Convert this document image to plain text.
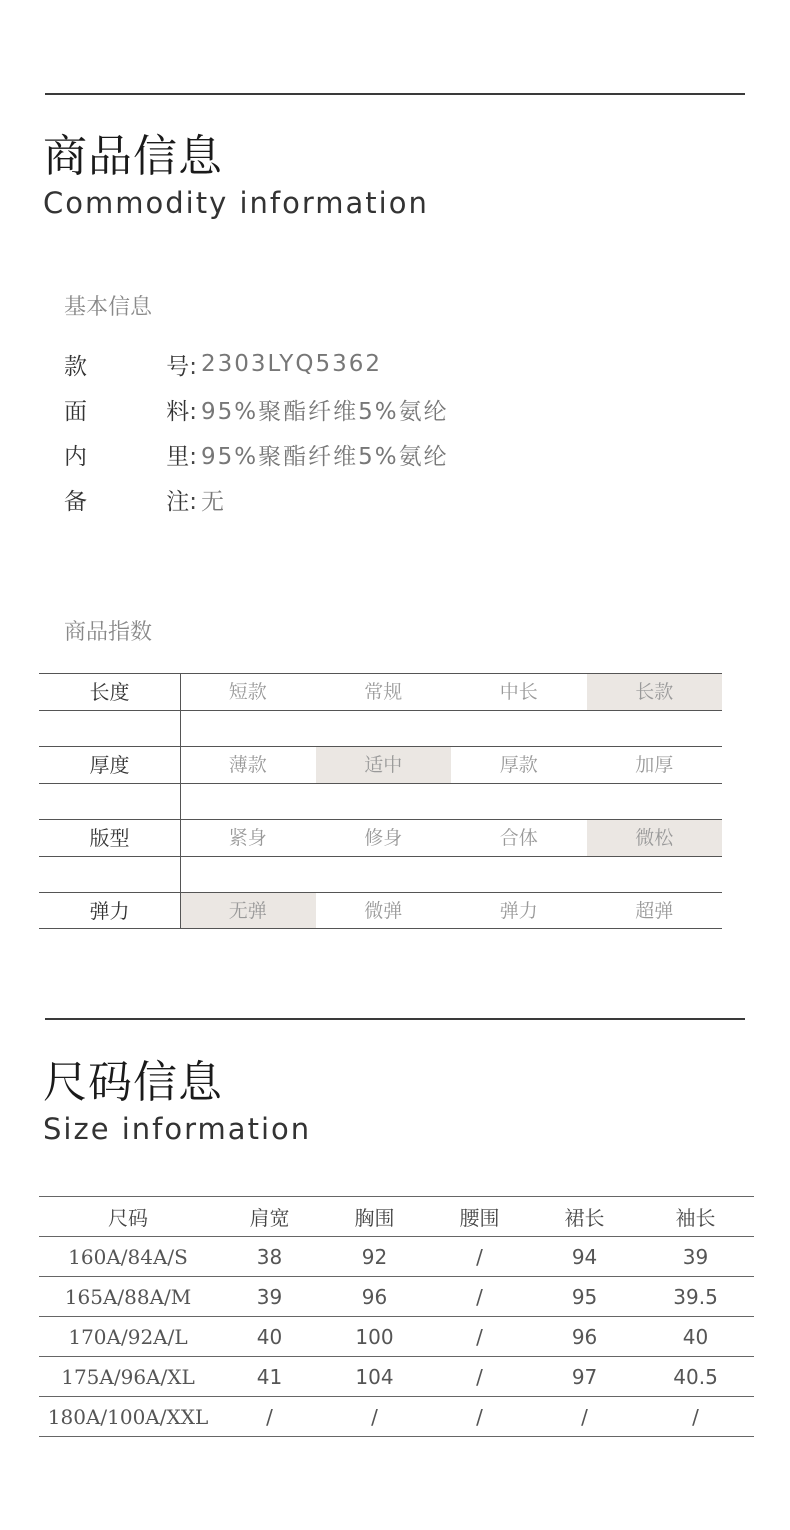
商品信息
Commodity information
基本信息
款	号: 2303LYQ5362
面	料: 95%聚酯纤维5%氨纶
内	里: 95%聚酯纤维5%氨纶
备	注: 无
商品指数
长度	短款	常规	中长	长款
厚度	薄款	适中	厚款	加厚
版型	紧身	修身	合体	微松
弹力	无弹	微弹	弹力	超弹
尺码信息
Size information
尺码	肩宽	胸围	腰围	裙长	袖长
160A/84A/S	38	92	/	94	39
165A/88A/M	39	96	/	95	39.5
170A/92A/L	40	100	/	96	40
175A/96A/XL	41	104	/	97	40.5
180A/100A/XXL	/	/	/	/	/
